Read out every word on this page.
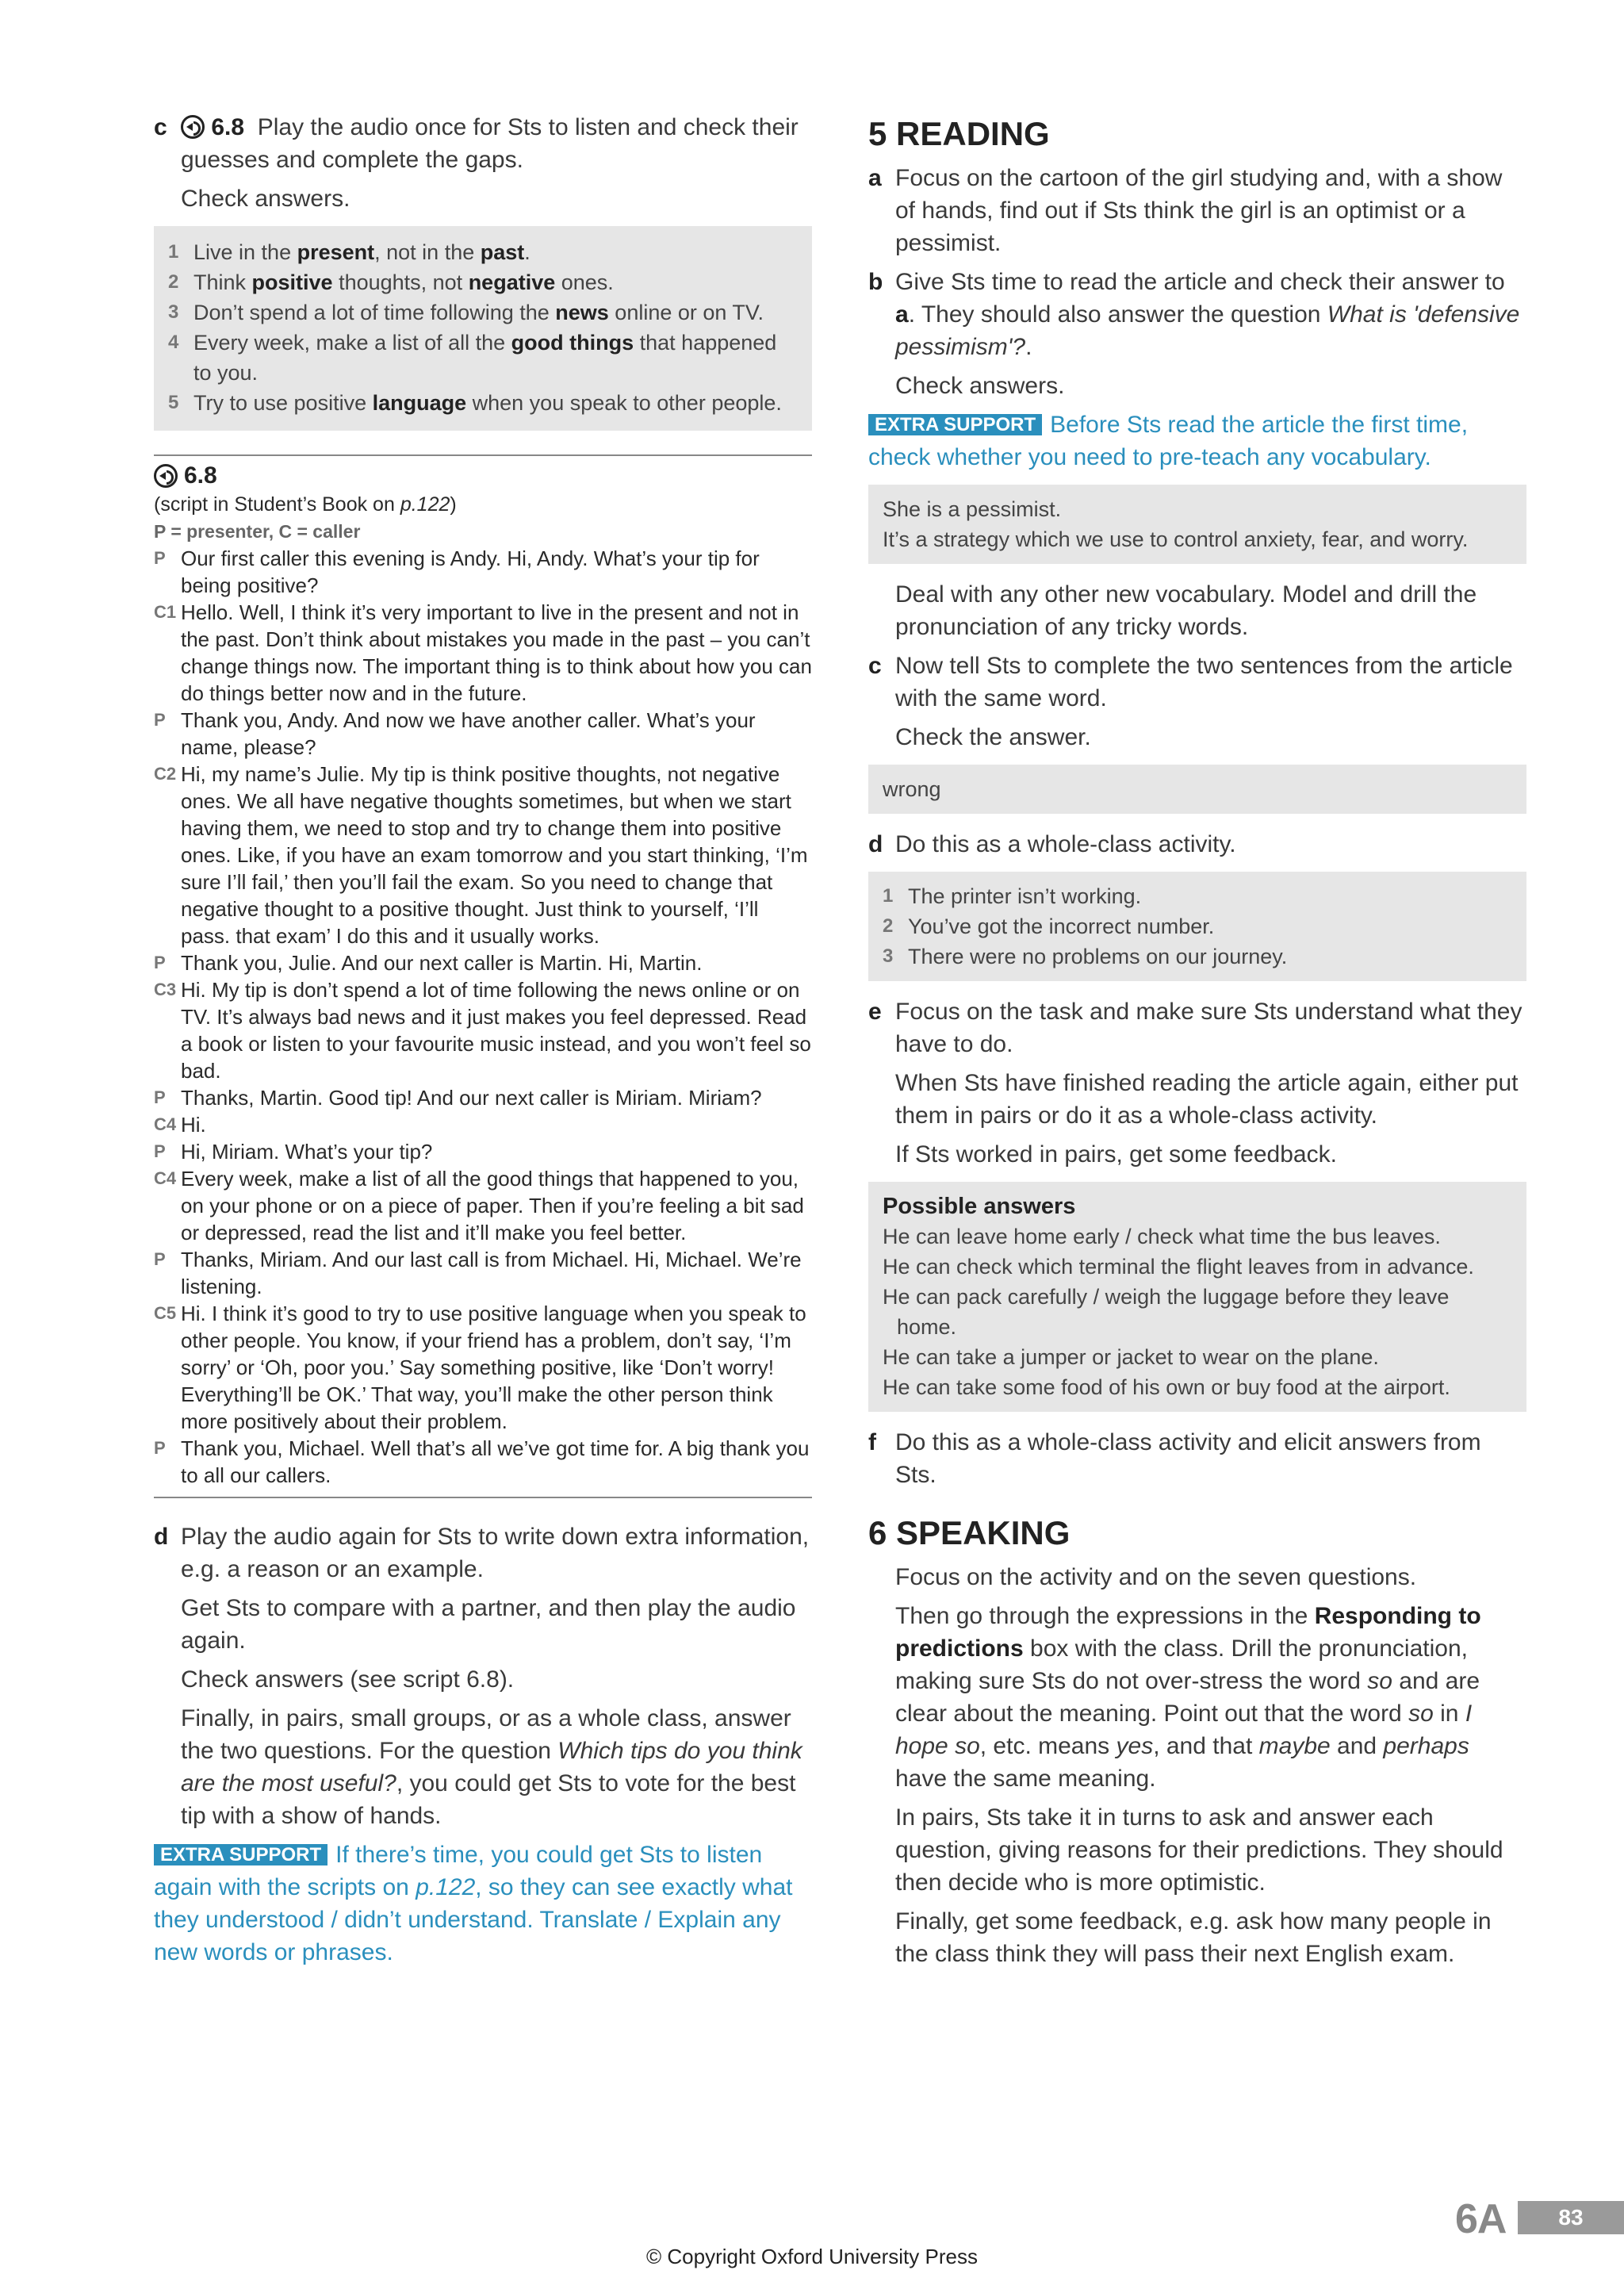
c 6.8 Play the audio once for Sts to listen and check their guesses and complete the gaps.
Check answers.
1 Live in the present, not in the past.
2 Think positive thoughts, not negative ones.
3 Don’t spend a lot of time following the news online or on TV.
4 Every week, make a list of all the good things that happened to you.
5 Try to use positive language when you speak to other people.
6.8
(script in Student’s Book on p.122)
P = presenter, C = caller
P Our first caller this evening is Andy. Hi, Andy. What’s your tip for being positive?
C1 Hello. Well, I think it’s very important to live in the present and not in the past. Don’t think about mistakes you made in the past – you can’t change things now. The important thing is to think about how you can do things better now and in the future.
P Thank you, Andy. And now we have another caller. What’s your name, please?
C2 Hi, my name’s Julie. My tip is think positive thoughts, not negative ones. We all have negative thoughts sometimes, but when we start having them, we need to stop and try to change them into positive ones. Like, if you have an exam tomorrow and you start thinking, ‘I’m sure I’ll fail,’ then you’ll fail the exam. So you need to change that negative thought to a positive thought. Just think to yourself, ‘I’ll pass. that exam’ I do this and it usually works.
P Thank you, Julie. And our next caller is Martin. Hi, Martin.
C3 Hi. My tip is don’t spend a lot of time following the news online or on TV. It’s always bad news and it just makes you feel depressed. Read a book or listen to your favourite music instead, and you won’t feel so bad.
P Thanks, Martin. Good tip! And our next caller is Miriam. Miriam?
C4 Hi.
P Hi, Miriam. What’s your tip?
C4 Every week, make a list of all the good things that happened to you, on your phone or on a piece of paper. Then if you’re feeling a bit sad or depressed, read the list and it’ll make you feel better.
P Thanks, Miriam. And our last call is from Michael. Hi, Michael. We’re listening.
C5 Hi. I think it’s good to try to use positive language when you speak to other people. You know, if your friend has a problem, don’t say, ‘I’m sorry’ or ‘Oh, poor you.’ Say something positive, like ‘Don’t worry! Everything’ll be OK.’ That way, you’ll make the other person think more positively about their problem.
P Thank you, Michael. Well that’s all we’ve got time for. A big thank you to all our callers.
d Play the audio again for Sts to write down extra information, e.g. a reason or an example.
Get Sts to compare with a partner, and then play the audio again.
Check answers (see script 6.8).
Finally, in pairs, small groups, or as a whole class, answer the two questions. For the question Which tips do you think are the most useful?, you could get Sts to vote for the best tip with a show of hands.
EXTRA SUPPORT If there’s time, you could get Sts to listen again with the scripts on p.122, so they can see exactly what they understood / didn’t understand. Translate / Explain any new words or phrases.
5 READING
a Focus on the cartoon of the girl studying and, with a show of hands, find out if Sts think the girl is an optimist or a pessimist.
b Give Sts time to read the article and check their answer to a. They should also answer the question What is 'defensive pessimism'?.
Check answers.
EXTRA SUPPORT Before Sts read the article the first time, check whether you need to pre-teach any vocabulary.
She is a pessimist.
It’s a strategy which we use to control anxiety, fear, and worry.
Deal with any other new vocabulary. Model and drill the pronunciation of any tricky words.
c Now tell Sts to complete the two sentences from the article with the same word.
Check the answer.
wrong
d Do this as a whole-class activity.
1 The printer isn’t working.
2 You’ve got the incorrect number.
3 There were no problems on our journey.
e Focus on the task and make sure Sts understand what they have to do.
When Sts have finished reading the article again, either put them in pairs or do it as a whole-class activity.
If Sts worked in pairs, get some feedback.
Possible answers
He can leave home early / check what time the bus leaves.
He can check which terminal the flight leaves from in advance.
He can pack carefully / weigh the luggage before they leave home.
He can take a jumper or jacket to wear on the plane.
He can take some food of his own or buy food at the airport.
f Do this as a whole-class activity and elicit answers from Sts.
6 SPEAKING
Focus on the activity and on the seven questions.
Then go through the expressions in the Responding to predictions box with the class. Drill the pronunciation, making sure Sts do not over-stress the word so and are clear about the meaning. Point out that the word so in I hope so, etc. means yes, and that maybe and perhaps have the same meaning.
In pairs, Sts take it in turns to ask and answer each question, giving reasons for their predictions. They should then decide who is more optimistic.
Finally, get some feedback, e.g. ask how many people in the class think they will pass their next English exam.
6A	83
© Copyright Oxford University Press
